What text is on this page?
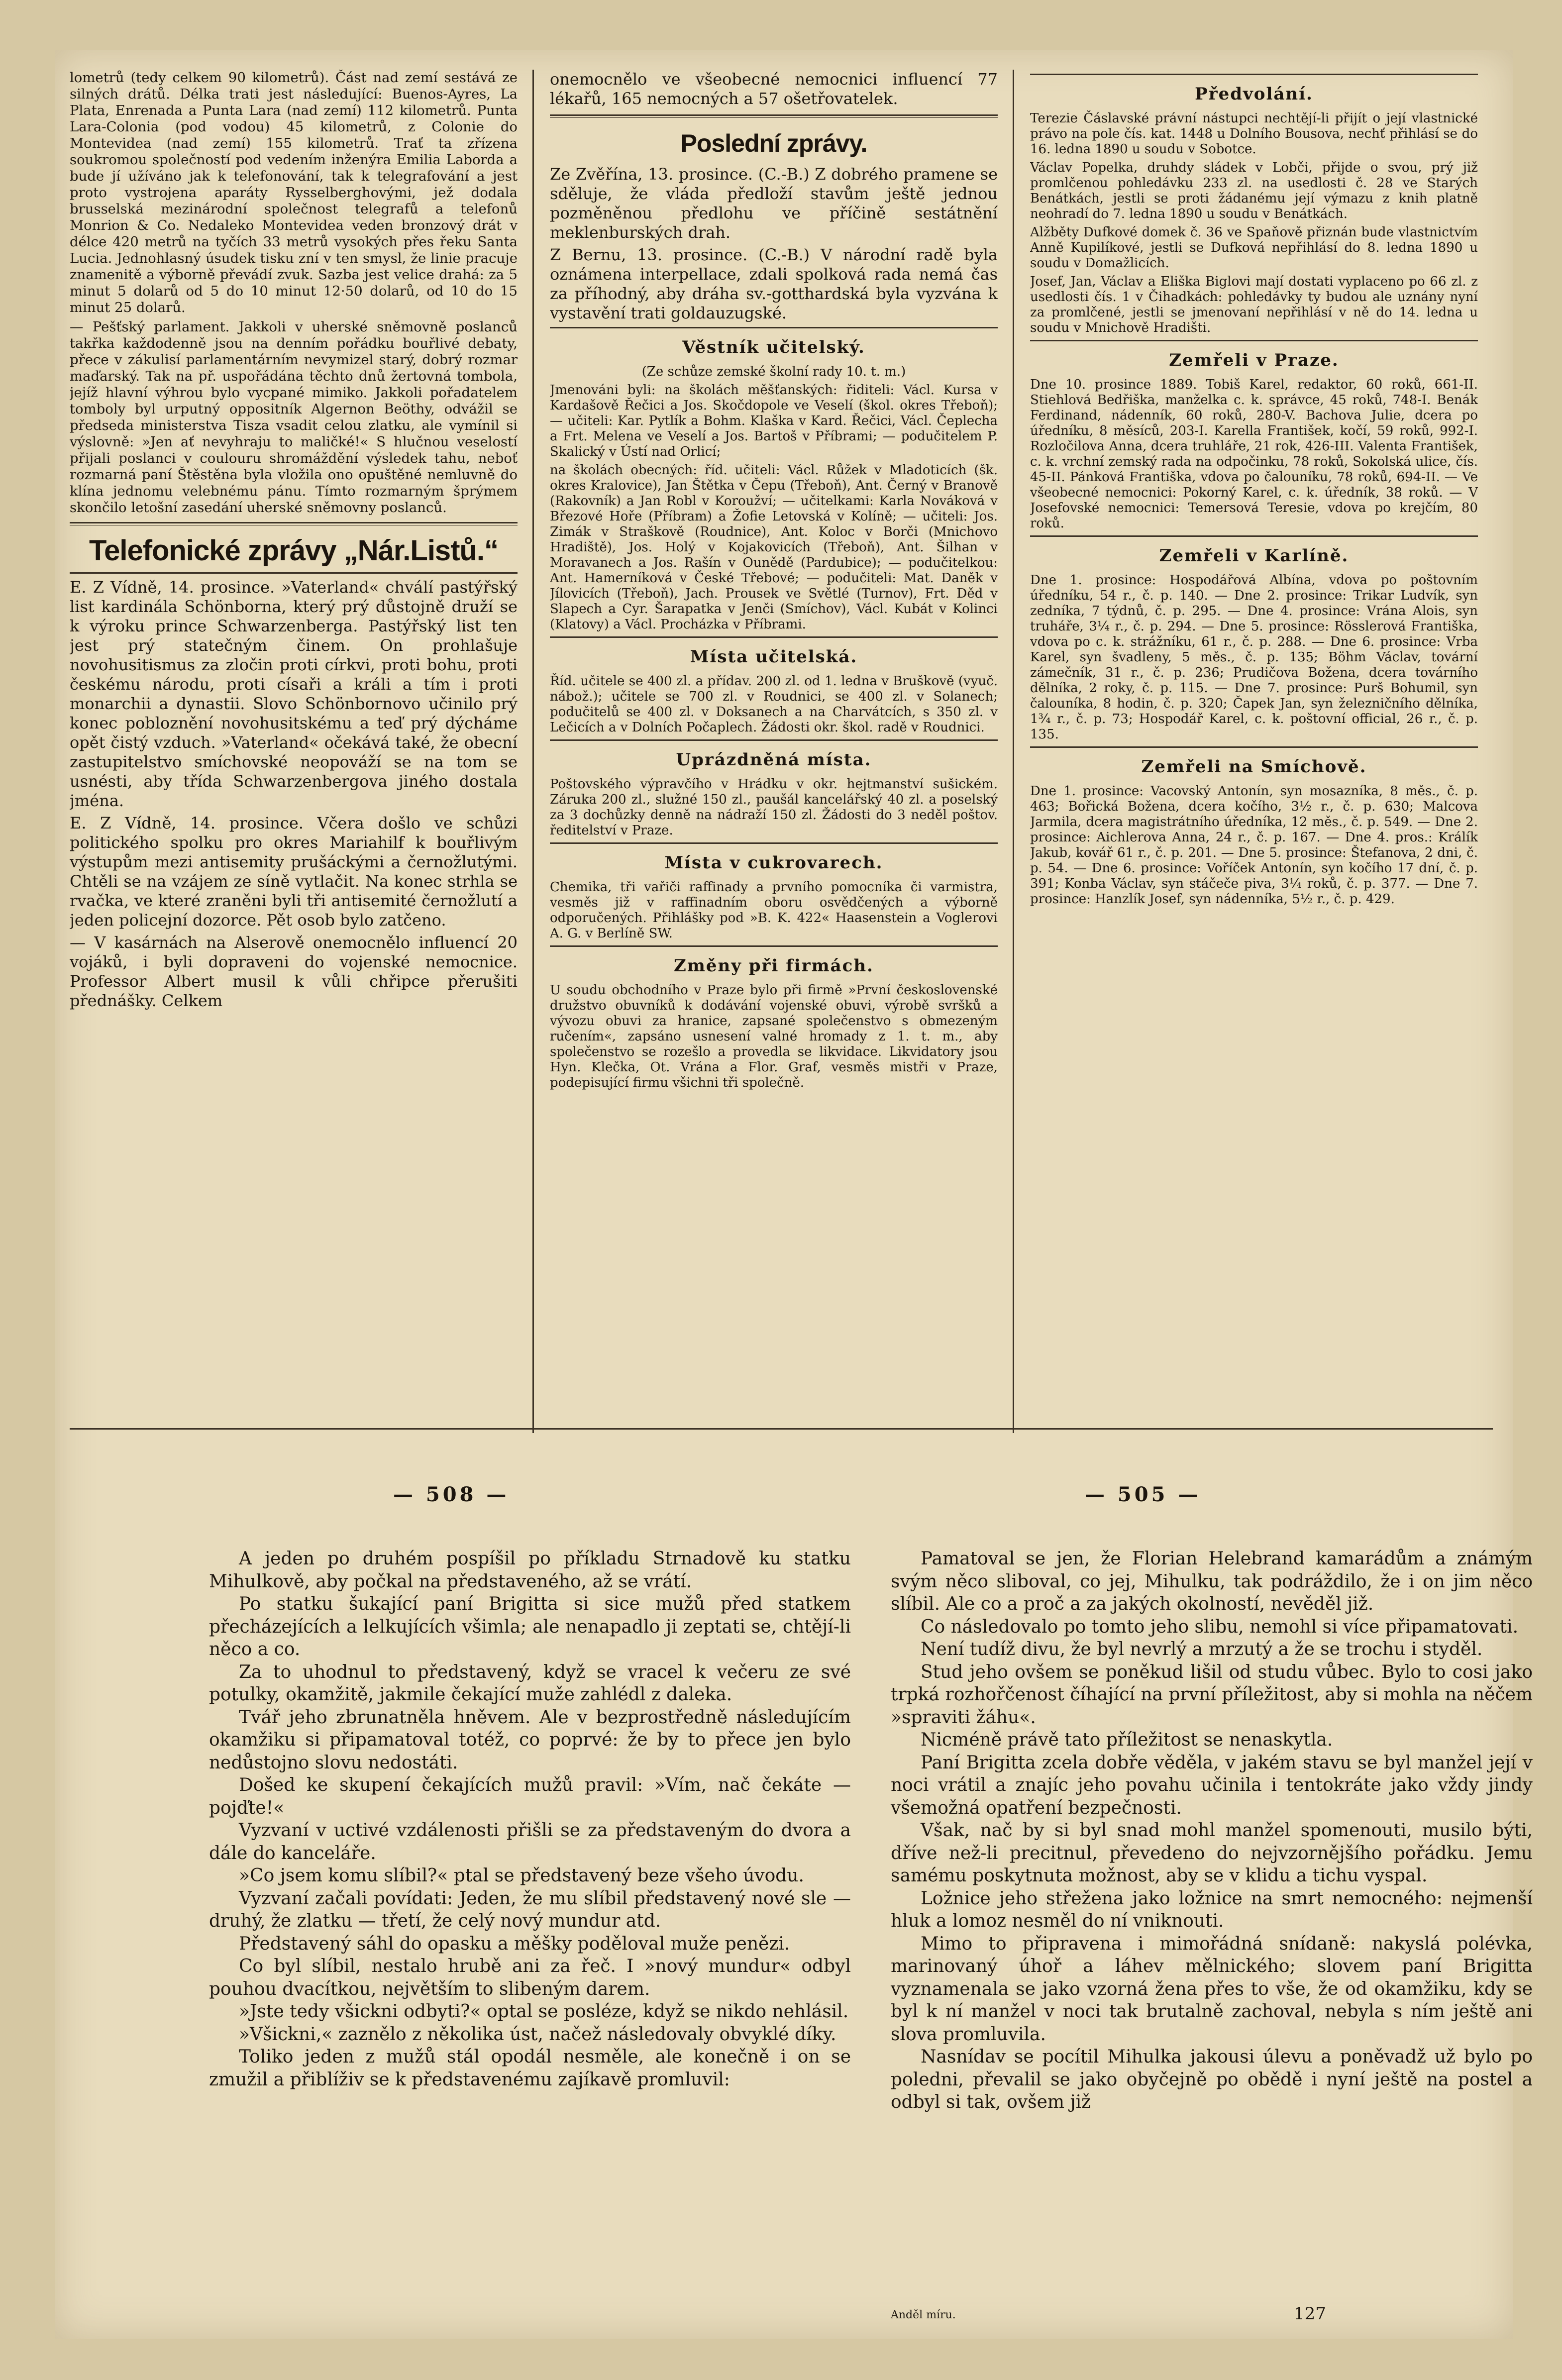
lometrů (tedy celkem 90 kilometrů). Část nad zemí sestává ze silných drátů. Délka trati jest následující: Buenos-Ayres, La Plata, Enrenada a Punta Lara (nad zemí) 112 kilometrů. Punta Lara-Colonia (pod vodou) 45 kilometrů, z Colonie do Montevidea (nad zemí) 155 kilometrů. Trať ta zřízena soukromou společností pod vedením inženýra Emilia Laborda a bude jí užíváno jak k telefonování, tak k telegrafování a jest proto vystrojena aparáty Rysselberghovými, jež dodala brusselská mezinárodní společnost telegrafů a telefonů Monrion & Co. Nedaleko Montevidea veden bronzový drát v délce 420 metrů na tyčích 33 metrů vysokých přes řeku Santa Lucia. Jednohlasný úsudek tisku zní v ten smysl, že linie pracuje znamenitě a výborně převádí zvuk. Sazba jest velice drahá: za 5 minut 5 dolarů od 5 do 10 minut 12·50 dolarů, od 10 do 15 minut 25 dolarů.

— Pešťský parlament. Jakkoli v uherské sněmovně poslanců takřka každodenně jsou na denním pořádku bouřlivé debaty, přece v zákulisí parlamentárním nevymizel starý, dobrý rozmar maďarský. Tak na př. uspořádána těchto dnů žertovná tombola, jejíž hlavní výhrou bylo vycpané mimiko. Jakkoli pořadatelem tomboly byl urputný oppositník Algernon Beöthy, odvážil se předseda ministerstva Tisza vsadit celou zlatku, ale vymínil si výslovně: »Jen ať nevyhraju to maličké!« S hlučnou veselostí přijali poslanci v coulouru shromáždění výsledek tahu, neboť rozmarná paní Štěstěna byla vložila ono opuštěné nemluvně do klína jednomu velebnému pánu. Tímto rozmarným šprýmem skončilo letošní zasedání uherské sněmovny poslanců.

Telefonické zprávy „Nár.Listů.“

E. Z Vídně, 14. prosince. »Vaterland« chválí pastýřský list kardinála Schönborna, který prý důstojně druží se k výroku prince Schwarzenberga. Pastýřský list ten jest prý statečným činem. On prohlašuje novohusitismus za zločin proti církvi, proti bohu, proti českému národu, proti císaři a králi a tím i proti monarchii a dynastii. Slovo Schönbornovo učinilo prý konec pobloznění novohusitskému a teď prý dýcháme opět čistý vzduch. »Vaterland« očekává také, že obecní zastupitelstvo smíchovské neopováží se na tom se usnésti, aby třída Schwarzenbergova jiného dostala jména.

E. Z Vídně, 14. prosince. Včera došlo ve schůzi politického spolku pro okres Mariahilf k bouřlivým výstupům mezi antisemity prušáckými a černožlutými. Chtěli se na vzájem ze síně vytlačit. Na konec strhla se rvačka, ve které zraněni byli tři antisemité černožlutí a jeden policejní dozorce. Pět osob bylo zatčeno.

— V kasárnách na Alserově onemocnělo influencí 20 vojáků, i byli dopraveni do vojenské nemocnice. Professor Albert musil k vůli chřipce přerušiti přednášky. Celkem

onemocnělo ve všeobecné nemocnici influencí 77 lékařů, 165 nemocných a 57 ošetřovatelek.

Poslední zprávy.

Ze Zvěřína, 13. prosince. (C.-B.) Z dobrého pramene se sděluje, že vláda předloží stavům ještě jednou pozměněnou předlohu ve příčině sestátnění meklenburských drah.

Z Bernu, 13. prosince. (C.-B.) V národní radě byla oznámena interpellace, zdali spolková rada nemá čas za příhodný, aby dráha sv.-gotthardská byla vyzvána k vystavění trati goldauzugské.

Věstník učitelský.

(Ze schůze zemské školní rady 10. t. m.)

Jmenováni byli: na školách měšťanských: řiditeli: Václ. Kursa v Kardašově Řečici a Jos. Skočdopole ve Veselí (škol. okres Třeboň); — učiteli: Kar. Pytlík a Bohm. Klaška v Kard. Řečici, Václ. Čeplecha a Frt. Melena ve Veselí a Jos. Bartoš v Příbrami; — podučitelem P. Skalický v Ústí nad Orlicí;

na školách obecných: říd. učiteli: Václ. Růžek v Mladoticích (šk. okres Kralovice), Jan Štětka v Čepu (Třeboň), Ant. Černý v Branově (Rakovník) a Jan Robl v Koroužví; — učitelkami: Karla Nováková v Březové Hoře (Příbram) a Žofie Letovská v Kolíně; — učiteli: Jos. Zimák v Straškově (Roudnice), Ant. Koloc v Borči (Mnichovo Hradiště), Jos. Holý v Kojakovicích (Třeboň), Ant. Šilhan v Moravanech a Jos. Rašín v Ounědě (Pardubice); — podučitelkou: Ant. Hamerníková v České Třebové; — podučiteli: Mat. Daněk v Jílovicích (Třeboň), Jach. Prousek ve Světlé (Turnov), Frt. Děd v Slapech a Cyr. Šarapatka v Jenči (Smíchov), Václ. Kubát v Kolinci (Klatovy) a Václ. Procházka v Příbrami.

Místa učitelská.

Říd. učitele se 400 zl. a přídav. 200 zl. od 1. ledna v Bruškově (vyuč. nábož.); učitele se 700 zl. v Roudnici, se 400 zl. v Solanech; podučitelů se 400 zl. v Doksanech a na Charvátcích, s 350 zl. v Lečicích a v Dolních Počaplech. Žádosti okr. škol. radě v Roudnici.

Uprázdněná místa.

Poštovského výpravčího v Hrádku v okr. hejtmanství sušickém. Záruka 200 zl., služné 150 zl., paušál kancelářský 40 zl. a poselský za 3 dochůzky denně na nádraží 150 zl. Žádosti do 3 neděl poštov. ředitelství v Praze.

Místa v cukrovarech.

Chemika, tři vařiči raffinady a prvního pomocníka či varmistra, vesměs již v raffinadním oboru osvědčených a výborně odporučených. Přihlášky pod »B. K. 422« Haasenstein a Voglerovi A. G. v Berlíně SW.

Změny při firmách.

U soudu obchodního v Praze bylo při firmě »První československé družstvo obuvníků k dodávání vojenské obuvi, výrobě svršků a vývozu obuvi za hranice, zapsané společenstvo s obmezeným ručením«, zapsáno usnesení valné hromady z 1. t. m., aby společenstvo se rozešlo a provedla se likvidace. Likvidatory jsou Hyn. Klečka, Ot. Vrána a Flor. Graf, vesměs mistři v Praze, podepisující firmu všichni tři společně.

Předvolání.

Terezie Čáslavské právní nástupci nechtějí-li přijít o její vlastnické právo na pole čís. kat. 1448 u Dolního Bousova, nechť přihlásí se do 16. ledna 1890 u soudu v Sobotce.

Václav Popelka, druhdy sládek v Lobči, přijde o svou, prý již promlčenou pohledávku 233 zl. na usedlosti č. 28 ve Starých Benátkách, jestli se proti žádanému její výmazu z knih platně neohradí do 7. ledna 1890 u soudu v Benátkách.

Alžběty Dufkové domek č. 36 ve Spaňově přiznán bude vlastnictvím Anně Kupilíkové, jestli se Dufková nepřihlásí do 8. ledna 1890 u soudu v Domažlicích.

Josef, Jan, Václav a Eliška Biglovi mají dostati vyplaceno po 66 zl. z usedlosti čís. 1 v Čihadkách: pohledávky ty budou ale uznány nyní za promlčené, jestli se jmenovaní nepřihlásí v ně do 14. ledna u soudu v Mnichově Hradišti.

Zemřeli v Praze.

Dne 10. prosince 1889. Tobiš Karel, redaktor, 60 roků, 661-II. Stiehlová Bedřiška, manželka c. k. správce, 45 roků, 748-I. Benák Ferdinand, nádenník, 60 roků, 280-V. Bachova Julie, dcera po úředníku, 8 měsíců, 203-I. Karella František, kočí, 59 roků, 992-I. Rozločilova Anna, dcera truhláře, 21 rok, 426-III. Valenta František, c. k. vrchní zemský rada na odpočinku, 78 roků, Sokolská ulice, čís. 45-II. Pánková Františka, vdova po čalouníku, 78 roků, 694-II. — Ve všeobecné nemocnici: Pokorný Karel, c. k. úředník, 38 roků. — V Josefovské nemocnici: Temersová Teresie, vdova po krejčím, 80 roků.

Zemřeli v Karlíně.

Dne 1. prosince: Hospodářová Albína, vdova po poštovním úředníku, 54 r., č. p. 140. — Dne 2. prosince: Trikar Ludvík, syn zedníka, 7 týdnů, č. p. 295. — Dne 4. prosince: Vrána Alois, syn truháře, 3¼ r., č. p. 294. — Dne 5. prosince: Rösslerová Františka, vdova po c. k. strážníku, 61 r., č. p. 288. — Dne 6. prosince: Vrba Karel, syn švadleny, 5 měs., č. p. 135; Böhm Václav, tovární zámečník, 31 r., č. p. 236; Prudičova Božena, dcera továrního dělníka, 2 roky, č. p. 115. — Dne 7. prosince: Purš Bohumil, syn čalouníka, 8 hodin, č. p. 320; Čapek Jan, syn železničního dělníka, 1¾ r., č. p. 73; Hospodář Karel, c. k. poštovní official, 26 r., č. p. 135.

Zemřeli na Smíchově.

Dne 1. prosince: Vacovský Antonín, syn mosazníka, 8 měs., č. p. 463; Bořická Božena, dcera kočího, 3½ r., č. p. 630; Malcova Jarmila, dcera magistrátního úředníka, 12 měs., č. p. 549. — Dne 2. prosince: Aichlerova Anna, 24 r., č. p. 167. — Dne 4. pros.: Králík Jakub, kovář 61 r., č. p. 201. — Dne 5. prosince: Štefanova, 2 dni, č. p. 54. — Dne 6. prosince: Voříček Antonín, syn kočího 17 dní, č. p. 391; Konba Václav, syn stáčeče piva, 3¼ roků, č. p. 377. — Dne 7. prosince: Hanzlík Josef, syn nádenníka, 5½ r., č. p. 429.

— 508 —	— 505 —

A jeden po druhém pospíšil po příkladu Strnadově ku statku Mihulkově, aby počkal na představeného, až se vrátí.

Po statku šukající paní Brigitta si sice mužů před statkem přecházejících a lelkujících všimla; ale nenapadlo ji zeptati se, chtějí-li něco a co.

Za to uhodnul to představený, když se vracel k večeru ze své potulky, okamžitě, jakmile čekající muže zahlédl z daleka.

Tvář jeho zbrunatněla hněvem. Ale v bezprostředně následujícím okamžiku si připamatoval totéž, co poprvé: že by to přece jen bylo nedůstojno slovu nedostáti.

Došed ke skupení čekajících mužů pravil: »Vím, nač čekáte — pojďte!«

Vyzvaní v uctivé vzdálenosti přišli se za představeným do dvora a dále do kanceláře.

»Co jsem komu slíbil?« ptal se představený beze všeho úvodu.

Vyzvaní začali povídati: Jeden, že mu slíbil představený nové sle — druhý, že zlatku — třetí, že celý nový mundur atd.

Představený sáhl do opasku a měšky poděloval muže penězi.

Co byl slíbil, nestalo hrubě ani za řeč. I »nový mundur« odbyl pouhou dvacítkou, největším to slibeným darem.

»Jste tedy všickni odbyti?« optal se posléze, když se nikdo nehlásil.

»Všickni,« zaznělo z několika úst, načež následovaly obvyklé díky.

Toliko jeden z mužů stál opodál nesměle, ale konečně i on se zmužil a přiblíživ se k představenému zajíkavě promluvil:

Pamatoval se jen, že Florian Helebrand kamarádům a známým svým něco sliboval, co jej, Mihulku, tak podráždilo, že i on jim něco slíbil. Ale co a proč a za jakých okolností, nevěděl již.

Co následovalo po tomto jeho slibu, nemohl si více připamatovati.

Není tudíž divu, že byl nevrlý a mrzutý a že se trochu i styděl.

Stud jeho ovšem se poněkud lišil od studu vůbec. Bylo to cosi jako trpká rozhořčenost číhající na první příležitost, aby si mohla na něčem »spraviti žáhu«.

Nicméně právě tato příležitost se nenaskytla.

Paní Brigitta zcela dobře věděla, v jakém stavu se byl manžel její v noci vrátil a znajíc jeho povahu učinila i tentokráte jako vždy jindy všemožná opatření bezpečnosti.

Však, nač by si byl snad mohl manžel spomenouti, musilo býti, dříve než-li precitnul, převedeno do nejvzornějšího pořádku. Jemu samému poskytnuta možnost, aby se v klidu a tichu vyspal.

Ložnice jeho střežena jako ložnice na smrt nemocného: nejmenší hluk a lomoz nesměl do ní vniknouti.

Mimo to připravena i mimořádná snídaně: nakyslá polévka, marinovaný úhoř a láhev mělnického; slovem paní Brigitta vyznamenala se jako vzorná žena přes to vše, že od okamžiku, kdy se byl k ní manžel v noci tak brutalně zachoval, nebyla s ním ještě ani slova promluvila.

Nasnídav se pocítil Mihulka jakousi úlevu a poněvadž už bylo po poledni, převalil se jako obyčejně po obědě i nyní ještě na postel a odbyl si tak, ovšem již

Anděl míru.	127
